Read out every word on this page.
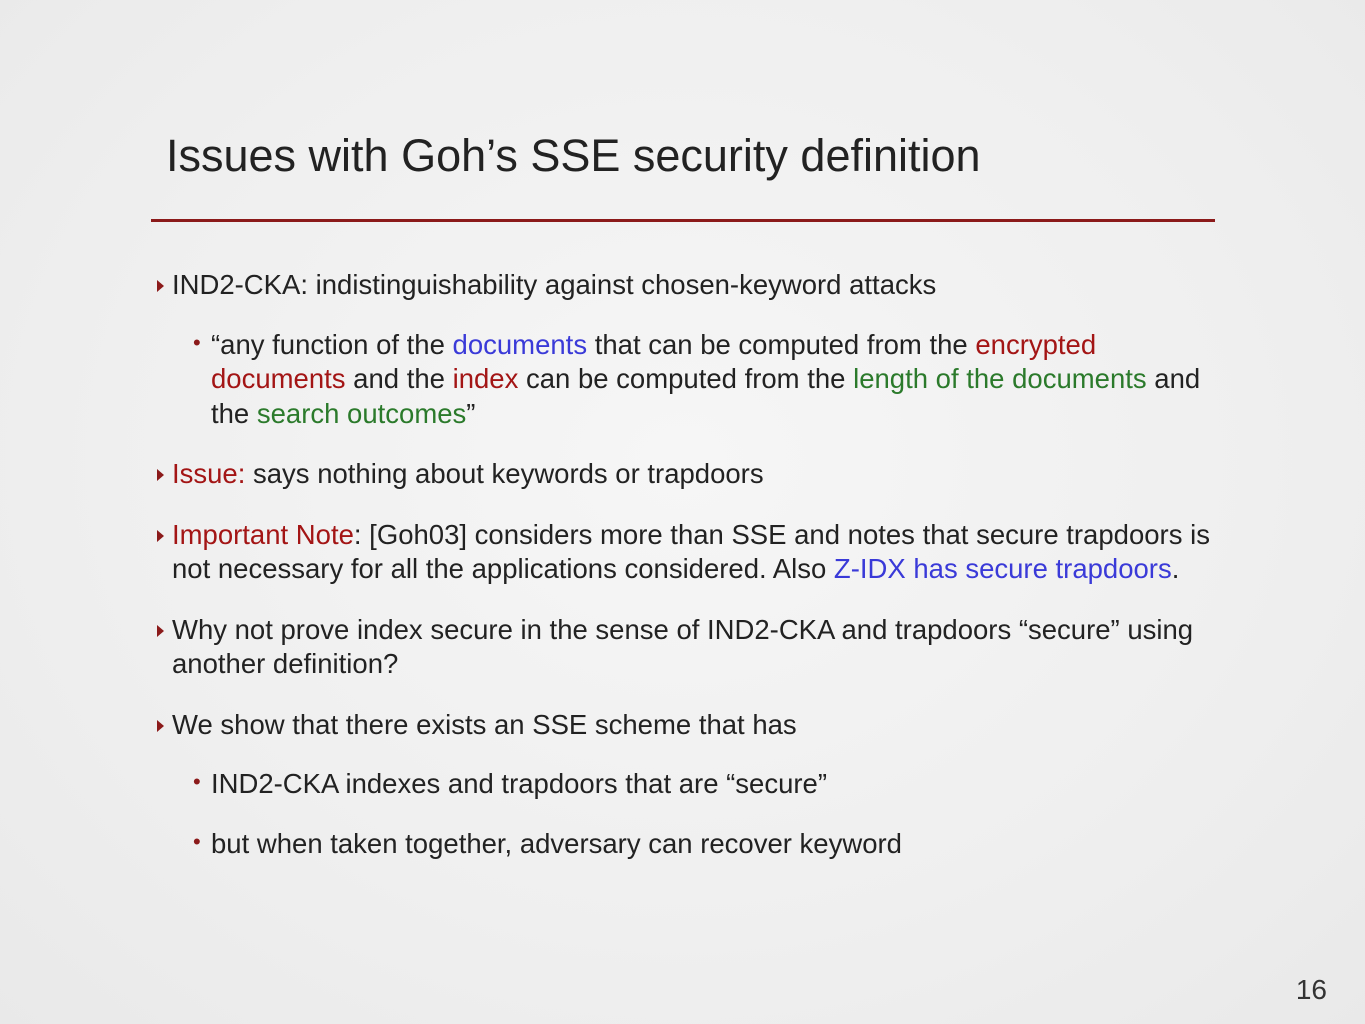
Issues with Goh’s SSE security definition
IND2-CKA: indistinguishability against chosen-keyword attacks
• “any function of the documents that can be computed from the encrypted documents and the index can be computed from the length of the documents and the search outcomes”
Issue: says nothing about keywords or trapdoors
Important Note: [Goh03] considers more than SSE and notes that secure trapdoors is not necessary for all the applications considered. Also Z-IDX has secure trapdoors.
Why not prove index secure in the sense of IND2-CKA and trapdoors “secure” using another definition?
We show that there exists an SSE scheme that has
• IND2-CKA indexes and trapdoors that are “secure”
• but when taken together, adversary can recover keyword
16
